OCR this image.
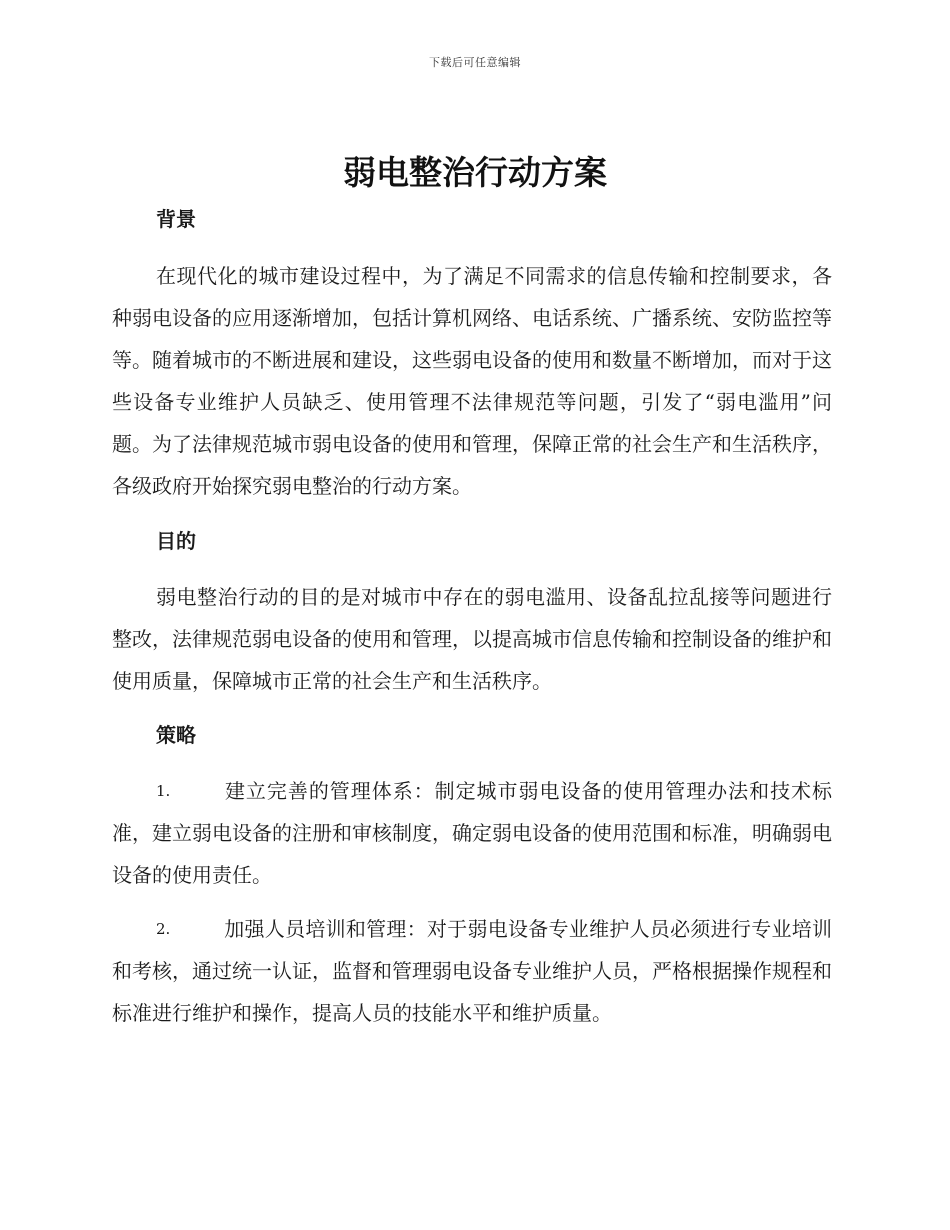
下载后可任意编辑
弱电整治行动方案
背景

在现代化的城市建设过程中，为了满足不同需求的信息传输和控制要求，各种弱电设备的应用逐渐增加，包括计算机网络、电话系统、广播系统、安防监控等等。随着城市的不断进展和建设，这些弱电设备的使用和数量不断增加，而对于这些设备专业维护人员缺乏、使用管理不法律规范等问题，引发了“弱电滥用”问题。为了法律规范城市弱电设备的使用和管理，保障正常的社会生产和生活秩序，各级政府开始探究弱电整治的行动方案。

目的

弱电整治行动的目的是对城市中存在的弱电滥用、设备乱拉乱接等问题进行整改，法律规范弱电设备的使用和管理，以提高城市信息传输和控制设备的维护和使用质量，保障城市正常的社会生产和生活秩序。

策略

1.	建立完善的管理体系：制定城市弱电设备的使用管理办法和技术标准，建立弱电设备的注册和审核制度，确定弱电设备的使用范围和标准，明确弱电设备的使用责任。

2.	加强人员培训和管理：对于弱电设备专业维护人员必须进行专业培训和考核，通过统一认证，监督和管理弱电设备专业维护人员，严格根据操作规程和标准进行维护和操作，提高人员的技能水平和维护质量。
